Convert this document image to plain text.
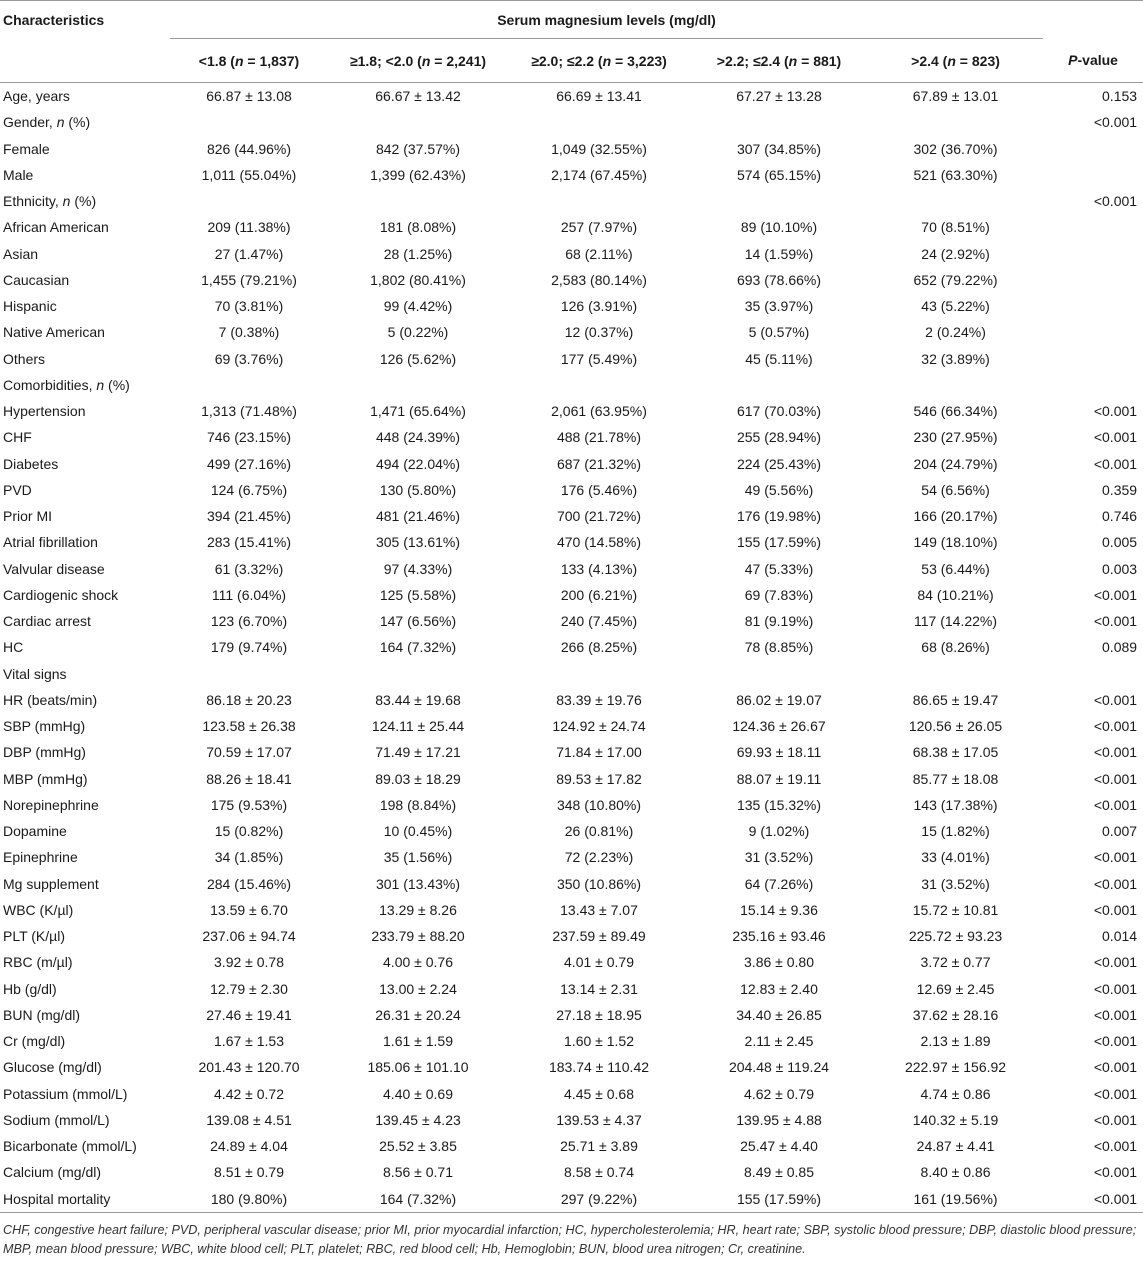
Characteristics	Serum magnesium levels (mg/dl)					
	<1.8 (n = 1,837)	≥1.8; <2.0 (n = 2,241)	≥2.0; ≤2.2 (n = 3,223)	>2.2; ≤2.4 (n = 881)	>2.4 (n = 823)	P-value
Age, years	66.87 ± 13.08	66.67 ± 13.42	66.69 ± 13.41	67.27 ± 13.28	67.89 ± 13.01	0.153
Gender, n (%)						<0.001
Female	826 (44.96%)	842 (37.57%)	1,049 (32.55%)	307 (34.85%)	302 (36.70%)	
Male	1,011 (55.04%)	1,399 (62.43%)	2,174 (67.45%)	574 (65.15%)	521 (63.30%)	
Ethnicity, n (%)						<0.001
African American	209 (11.38%)	181 (8.08%)	257 (7.97%)	89 (10.10%)	70 (8.51%)	
Asian	27 (1.47%)	28 (1.25%)	68 (2.11%)	14 (1.59%)	24 (2.92%)	
Caucasian	1,455 (79.21%)	1,802 (80.41%)	2,583 (80.14%)	693 (78.66%)	652 (79.22%)	
Hispanic	70 (3.81%)	99 (4.42%)	126 (3.91%)	35 (3.97%)	43 (5.22%)	
Native American	7 (0.38%)	5 (0.22%)	12 (0.37%)	5 (0.57%)	2 (0.24%)	
Others	69 (3.76%)	126 (5.62%)	177 (5.49%)	45 (5.11%)	32 (3.89%)	
Comorbidities, n (%)						
Hypertension	1,313 (71.48%)	1,471 (65.64%)	2,061 (63.95%)	617 (70.03%)	546 (66.34%)	<0.001
CHF	746 (23.15%)	448 (24.39%)	488 (21.78%)	255 (28.94%)	230 (27.95%)	<0.001
Diabetes	499 (27.16%)	494 (22.04%)	687 (21.32%)	224 (25.43%)	204 (24.79%)	<0.001
PVD	124 (6.75%)	130 (5.80%)	176 (5.46%)	49 (5.56%)	54 (6.56%)	0.359
Prior MI	394 (21.45%)	481 (21.46%)	700 (21.72%)	176 (19.98%)	166 (20.17%)	0.746
Atrial fibrillation	283 (15.41%)	305 (13.61%)	470 (14.58%)	155 (17.59%)	149 (18.10%)	0.005
Valvular disease	61 (3.32%)	97 (4.33%)	133 (4.13%)	47 (5.33%)	53 (6.44%)	0.003
Cardiogenic shock	111 (6.04%)	125 (5.58%)	200 (6.21%)	69 (7.83%)	84 (10.21%)	<0.001
Cardiac arrest	123 (6.70%)	147 (6.56%)	240 (7.45%)	81 (9.19%)	117 (14.22%)	<0.001
HC	179 (9.74%)	164 (7.32%)	266 (8.25%)	78 (8.85%)	68 (8.26%)	0.089
Vital signs						
HR (beats/min)	86.18 ± 20.23	83.44 ± 19.68	83.39 ± 19.76	86.02 ± 19.07	86.65 ± 19.47	<0.001
SBP (mmHg)	123.58 ± 26.38	124.11 ± 25.44	124.92 ± 24.74	124.36 ± 26.67	120.56 ± 26.05	<0.001
DBP (mmHg)	70.59 ± 17.07	71.49 ± 17.21	71.84 ± 17.00	69.93 ± 18.11	68.38 ± 17.05	<0.001
MBP (mmHg)	88.26 ± 18.41	89.03 ± 18.29	89.53 ± 17.82	88.07 ± 19.11	85.77 ± 18.08	<0.001
Norepinephrine	175 (9.53%)	198 (8.84%)	348 (10.80%)	135 (15.32%)	143 (17.38%)	<0.001
Dopamine	15 (0.82%)	10 (0.45%)	26 (0.81%)	9 (1.02%)	15 (1.82%)	0.007
Epinephrine	34 (1.85%)	35 (1.56%)	72 (2.23%)	31 (3.52%)	33 (4.01%)	<0.001
Mg supplement	284 (15.46%)	301 (13.43%)	350 (10.86%)	64 (7.26%)	31 (3.52%)	<0.001
WBC (K/µl)	13.59 ± 6.70	13.29 ± 8.26	13.43 ± 7.07	15.14 ± 9.36	15.72 ± 10.81	<0.001
PLT (K/µl)	237.06 ± 94.74	233.79 ± 88.20	237.59 ± 89.49	235.16 ± 93.46	225.72 ± 93.23	0.014
RBC (m/µl)	3.92 ± 0.78	4.00 ± 0.76	4.01 ± 0.79	3.86 ± 0.80	3.72 ± 0.77	<0.001
Hb (g/dl)	12.79 ± 2.30	13.00 ± 2.24	13.14 ± 2.31	12.83 ± 2.40	12.69 ± 2.45	<0.001
BUN (mg/dl)	27.46 ± 19.41	26.31 ± 20.24	27.18 ± 18.95	34.40 ± 26.85	37.62 ± 28.16	<0.001
Cr (mg/dl)	1.67 ± 1.53	1.61 ± 1.59	1.60 ± 1.52	2.11 ± 2.45	2.13 ± 1.89	<0.001
Glucose (mg/dl)	201.43 ± 120.70	185.06 ± 101.10	183.74 ± 110.42	204.48 ± 119.24	222.97 ± 156.92	<0.001
Potassium (mmol/L)	4.42 ± 0.72	4.40 ± 0.69	4.45 ± 0.68	4.62 ± 0.79	4.74 ± 0.86	<0.001
Sodium (mmol/L)	139.08 ± 4.51	139.45 ± 4.23	139.53 ± 4.37	139.95 ± 4.88	140.32 ± 5.19	<0.001
Bicarbonate (mmol/L)	24.89 ± 4.04	25.52 ± 3.85	25.71 ± 3.89	25.47 ± 4.40	24.87 ± 4.41	<0.001
Calcium (mg/dl)	8.51 ± 0.79	8.56 ± 0.71	8.58 ± 0.74	8.49 ± 0.85	8.40 ± 0.86	<0.001
Hospital mortality	180 (9.80%)	164 (7.32%)	297 (9.22%)	155 (17.59%)	161 (19.56%)	<0.001
CHF, congestive heart failure; PVD, peripheral vascular disease; prior MI, prior myocardial infarction; HC, hypercholesterolemia; HR, heart rate; SBP, systolic blood pressure; DBP, diastolic blood pressure; MBP, mean blood pressure; WBC, white blood cell; PLT, platelet; RBC, red blood cell; Hb, Hemoglobin; BUN, blood urea nitrogen; Cr, creatinine.
